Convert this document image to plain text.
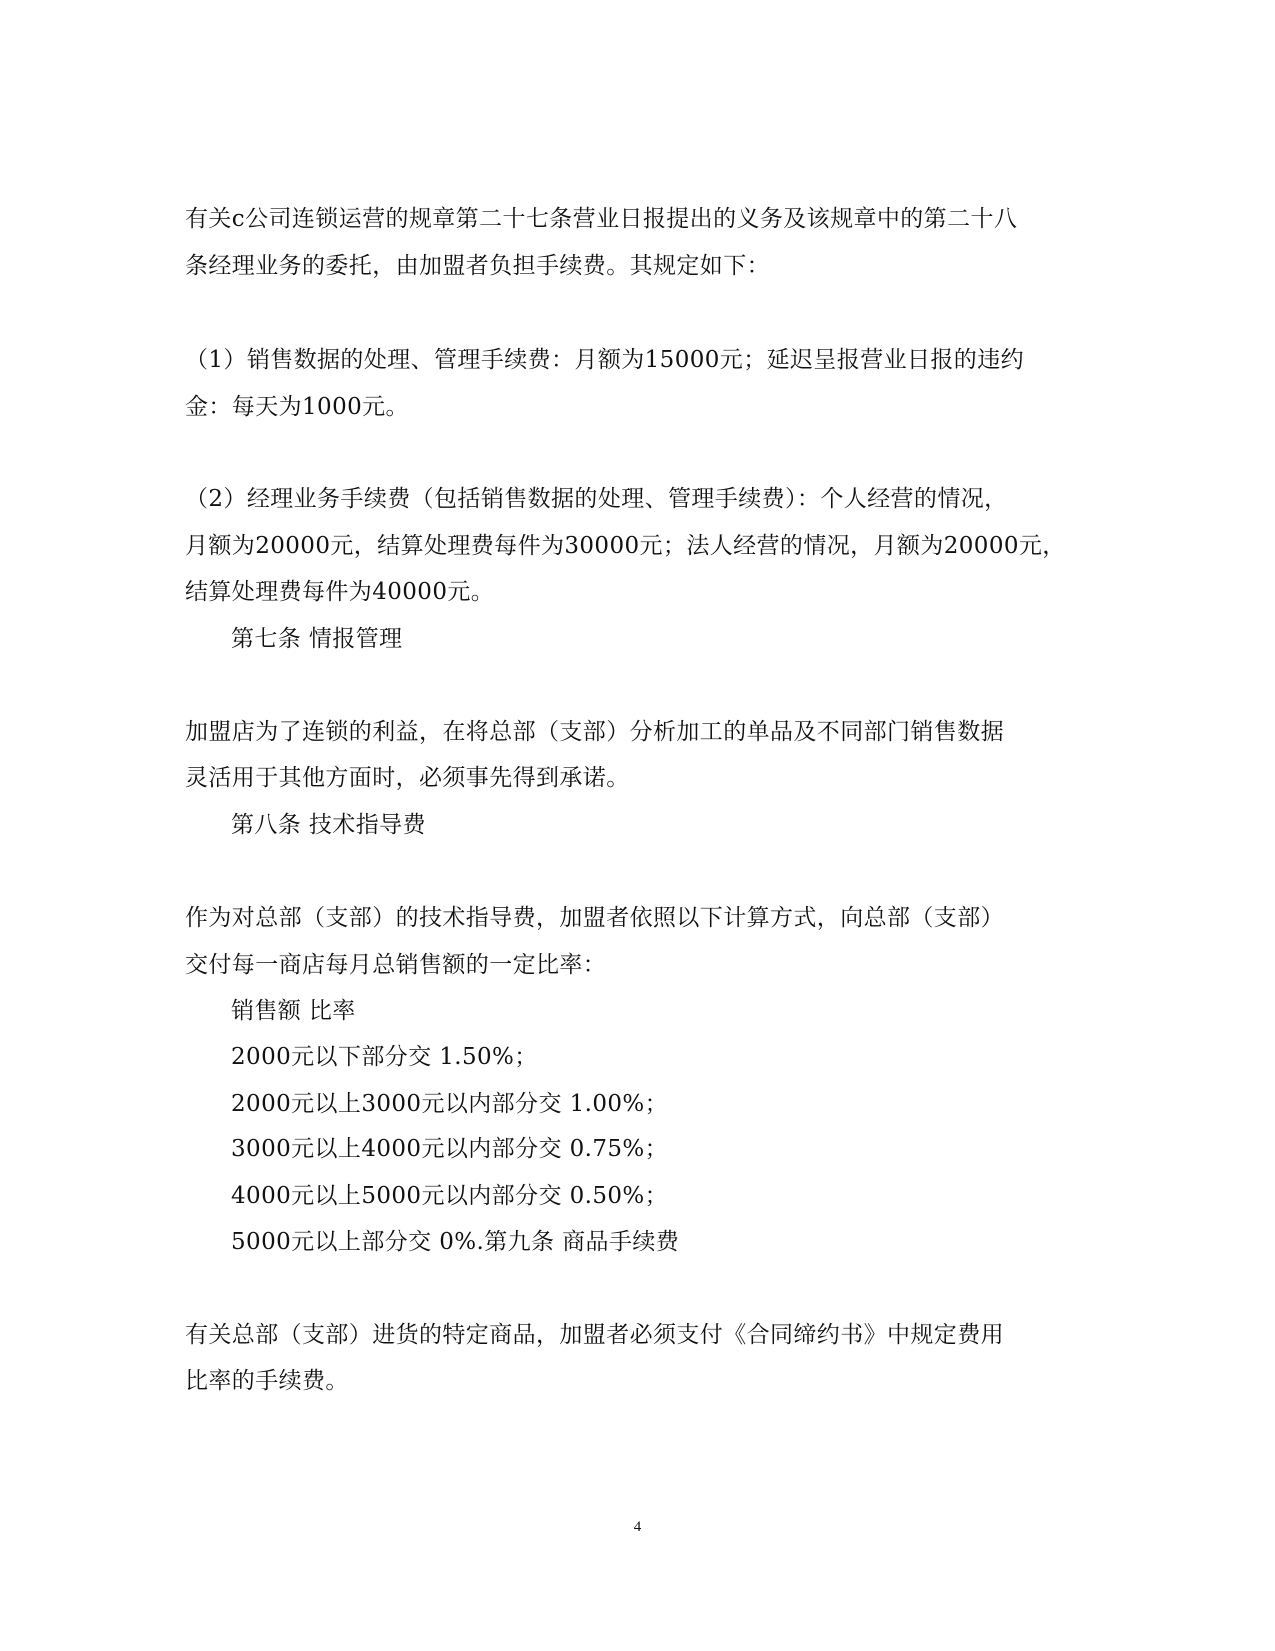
有关c公司连锁运营的规章第二十七条营业日报提出的义务及该规章中的第二十八
条经理业务的委托，由加盟者负担手续费。其规定如下：
（1）销售数据的处理、管理手续费：月额为15000元；延迟呈报营业日报的违约
金：每天为1000元。
（2）经理业务手续费（包括销售数据的处理、管理手续费）：个人经营的情况，
月额为20000元，结算处理费每件为30000元；法人经营的情况，月额为20000元，
结算处理费每件为40000元。
第七条 情报管理
加盟店为了连锁的利益，在将总部（支部）分析加工的单品及不同部门销售数据
灵活用于其他方面时，必须事先得到承诺。
第八条 技术指导费
作为对总部（支部）的技术指导费，加盟者依照以下计算方式，向总部（支部）
交付每一商店每月总销售额的一定比率：
销售额 比率
2000元以下部分交 1.50%；
2000元以上3000元以内部分交 1.00%；
3000元以上4000元以内部分交 0.75%；
4000元以上5000元以内部分交 0.50%；
5000元以上部分交 0%.第九条 商品手续费
有关总部（支部）进货的特定商品，加盟者必须支付《合同缔约书》中规定费用
比率的手续费。
4
